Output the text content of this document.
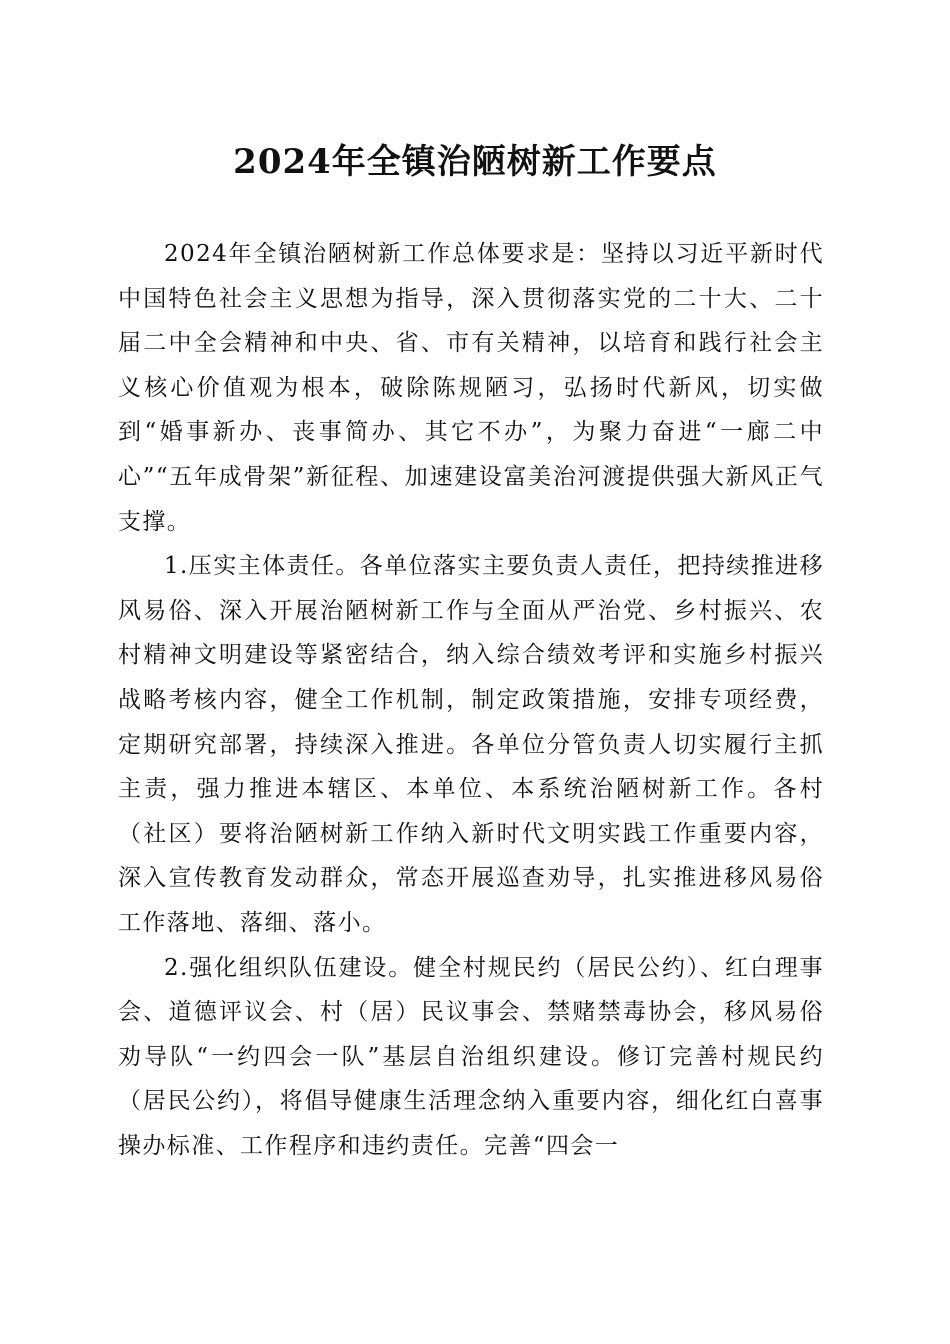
2024年全镇治陋树新工作要点

2024年全镇治陋树新工作总体要求是：坚持以习近平新时代中国特色社会主义思想为指导，深入贯彻落实党的二十大、二十届二中全会精神和中央、省、市有关精神，以培育和践行社会主义核心价值观为根本，破除陈规陋习，弘扬时代新风，切实做到“婚事新办、丧事简办、其它不办”，为聚力奋进“一廊二中心”“五年成骨架”新征程、加速建设富美治河渡提供强大新风正气支撑。

1.压实主体责任。各单位落实主要负责人责任，把持续推进移风易俗、深入开展治陋树新工作与全面从严治党、乡村振兴、农村精神文明建设等紧密结合，纳入综合绩效考评和实施乡村振兴战略考核内容，健全工作机制，制定政策措施，安排专项经费，定期研究部署，持续深入推进。各单位分管负责人切实履行主抓主责，强力推进本辖区、本单位、本系统治陋树新工作。各村（社区）要将治陋树新工作纳入新时代文明实践工作重要内容，深入宣传教育发动群众，常态开展巡查劝导，扎实推进移风易俗工作落地、落细、落小。

2.强化组织队伍建设。健全村规民约（居民公约）、红白理事会、道德评议会、村（居）民议事会、禁赌禁毒协会，移风易俗劝导队“一约四会一队”基层自治组织建设。修订完善村规民约（居民公约），将倡导健康生活理念纳入重要内容，细化红白喜事操办标准、工作程序和违约责任。完善“四会一
